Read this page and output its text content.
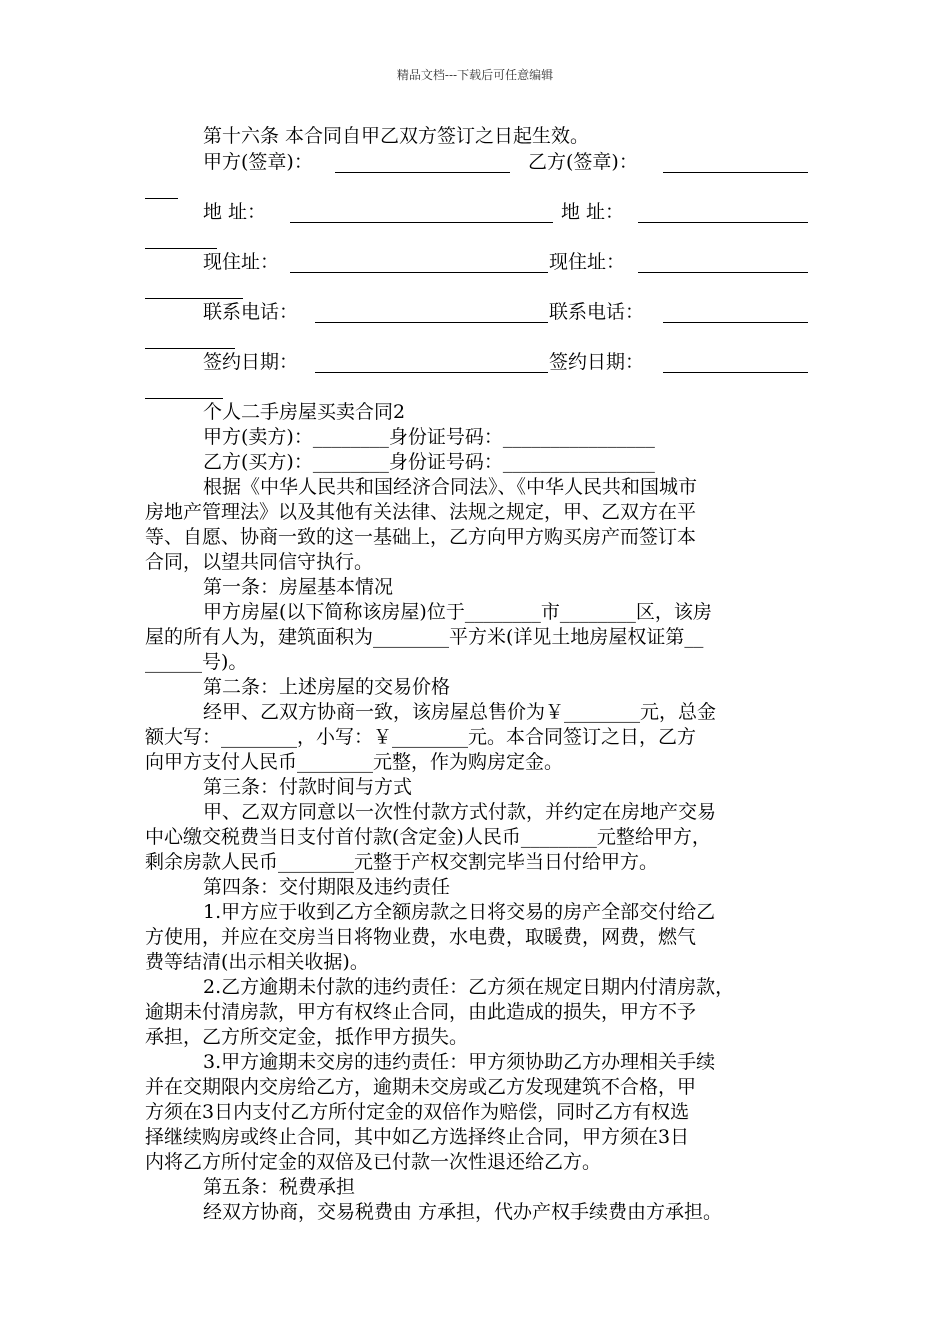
精品文档---下载后可任意编辑
第十六条 本合同自甲乙双方签订之日起生效。
甲方(签章)：	乙方(签章)：
地 址：	地 址：
现住址：	现住址：
联系电话：	联系电话：
签约日期：	签约日期：
个人二手房屋买卖合同2
甲方(卖方)：________身份证号码：________________
乙方(买方)：________身份证号码：________________
根据《中华人民共和国经济合同法》、《中华人民共和国城市
房地产管理法》以及其他有关法律、法规之规定，甲、乙双方在平
等、自愿、协商一致的这一基础上，乙方向甲方购买房产而签订本
合同，以望共同信守执行。
第一条：房屋基本情况
甲方房屋(以下简称该房屋)位于________市________区，该房
屋的所有人为，建筑面积为________平方米(详见土地房屋权证第__
______号)。
第二条：上述房屋的交易价格
经甲、乙双方协商一致，该房屋总售价为￥________元，总金
额大写：________，小写：￥________元。本合同签订之日，乙方
向甲方支付人民币________元整，作为购房定金。
第三条：付款时间与方式
甲、乙双方同意以一次性付款方式付款，并约定在房地产交易
中心缴交税费当日支付首付款(含定金)人民币________元整给甲方，
剩余房款人民币________元整于产权交割完毕当日付给甲方。
第四条：交付期限及违约责任
1.甲方应于收到乙方全额房款之日将交易的房产全部交付给乙
方使用，并应在交房当日将物业费，水电费，取暖费，网费，燃气
费等结清(出示相关收据)。
2.乙方逾期未付款的违约责任：乙方须在规定日期内付清房款，
逾期未付清房款，甲方有权终止合同，由此造成的损失，甲方不予
承担，乙方所交定金，抵作甲方损失。
3.甲方逾期未交房的违约责任：甲方须协助乙方办理相关手续
并在交期限内交房给乙方，逾期未交房或乙方发现建筑不合格，甲
方须在3日内支付乙方所付定金的双倍作为赔偿，同时乙方有权选
择继续购房或终止合同，其中如乙方选择终止合同，甲方须在3日
内将乙方所付定金的双倍及已付款一次性退还给乙方。
第五条：税费承担
经双方协商，交易税费由 方承担，代办产权手续费由方承担。
